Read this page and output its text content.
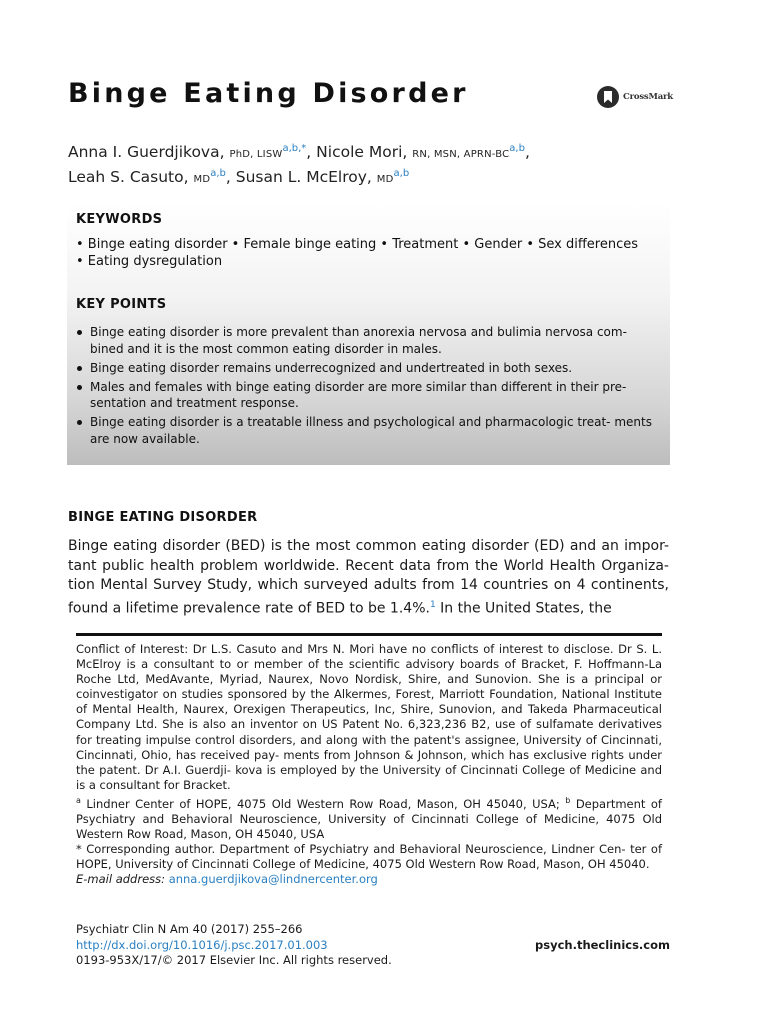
Binge Eating Disorder	CrossMark
Anna I. Guerdjikova, PhD, $LISW^{a,b,*}$, Nicole Mori, RN, MSN, APRN-BC$^{a,b}$,
Leah S. Casuto, MD$^{a,b}$, Susan L. McElroy, MD$^{a,b}$
KEYWORDS
• Binge eating disorder • Female binge eating • Treatment • Gender • Sex differences
• Eating dysregulation
KEY POINTS
Binge eating disorder is more prevalent than anorexia nervosa and bulimia nervosa com- bined and it is the most common eating disorder in males.
Binge eating disorder remains underrecognized and undertreated in both sexes.
Males and females with binge eating disorder are more similar than different in their pre- sentation and treatment response.
Binge eating disorder is a treatable illness and psychological and pharmacologic treat- ments are now available.
BINGE EATING DISORDER
Binge eating disorder (BED) is the most common eating disorder (ED) and an impor- tant public health problem worldwide. Recent data from the World Health Organiza- tion Mental Survey Study, which surveyed adults from 14 countries on 4 continents, found a lifetime prevalence rate of BED to be 1.4%.$^1$ In the United States, the

Conflict of Interest: Dr L.S. Casuto and Mrs N. Mori have no conflicts of interest to disclose. Dr S. L. McElroy is a consultant to or member of the scientific advisory boards of Bracket, F. Hoffmann-La Roche Ltd, MedAvante, Myriad, Naurex, Novo Nordisk, Shire, and Sunovion. She is a principal or coinvestigator on studies sponsored by the Alkermes, Forest, Marriott Foundation, National Institute of Mental Health, Naurex, Orexigen Therapeutics, Inc, Shire, Sunovion, and Takeda Pharmaceutical Company Ltd. She is also an inventor on US Patent No. 6,323,236 B2, use of sulfamate derivatives for treating impulse control disorders, and along with the patent's assignee, University of Cincinnati, Cincinnati, Ohio, has received pay- ments from Johnson & Johnson, which has exclusive rights under the patent. Dr A.I. Guerdji- kova is employed by the University of Cincinnati College of Medicine and is a consultant for Bracket.

$^a$ Lindner Center of HOPE, 4075 Old Western Row Road, Mason, OH 45040, USA; $^b$ Department of Psychiatry and Behavioral Neuroscience, University of Cincinnati College of Medicine, 4075 Old Western Row Road, Mason, OH 45040, USA

* Corresponding author. Department of Psychiatry and Behavioral Neuroscience, Lindner Cen- ter of HOPE, University of Cincinnati College of Medicine, 4075 Old Western Row Road, Mason, OH 45040.

E-mail address: anna.guerdjikova@lindnercenter.org

Psychiatr Clin N Am 40 (2017) 255–266
http://dx.doi.org/10.1016/j.psc.2017.01.003
0193-953X/17/© 2017 Elsevier Inc. All rights reserved.
psych.theclinics.com
